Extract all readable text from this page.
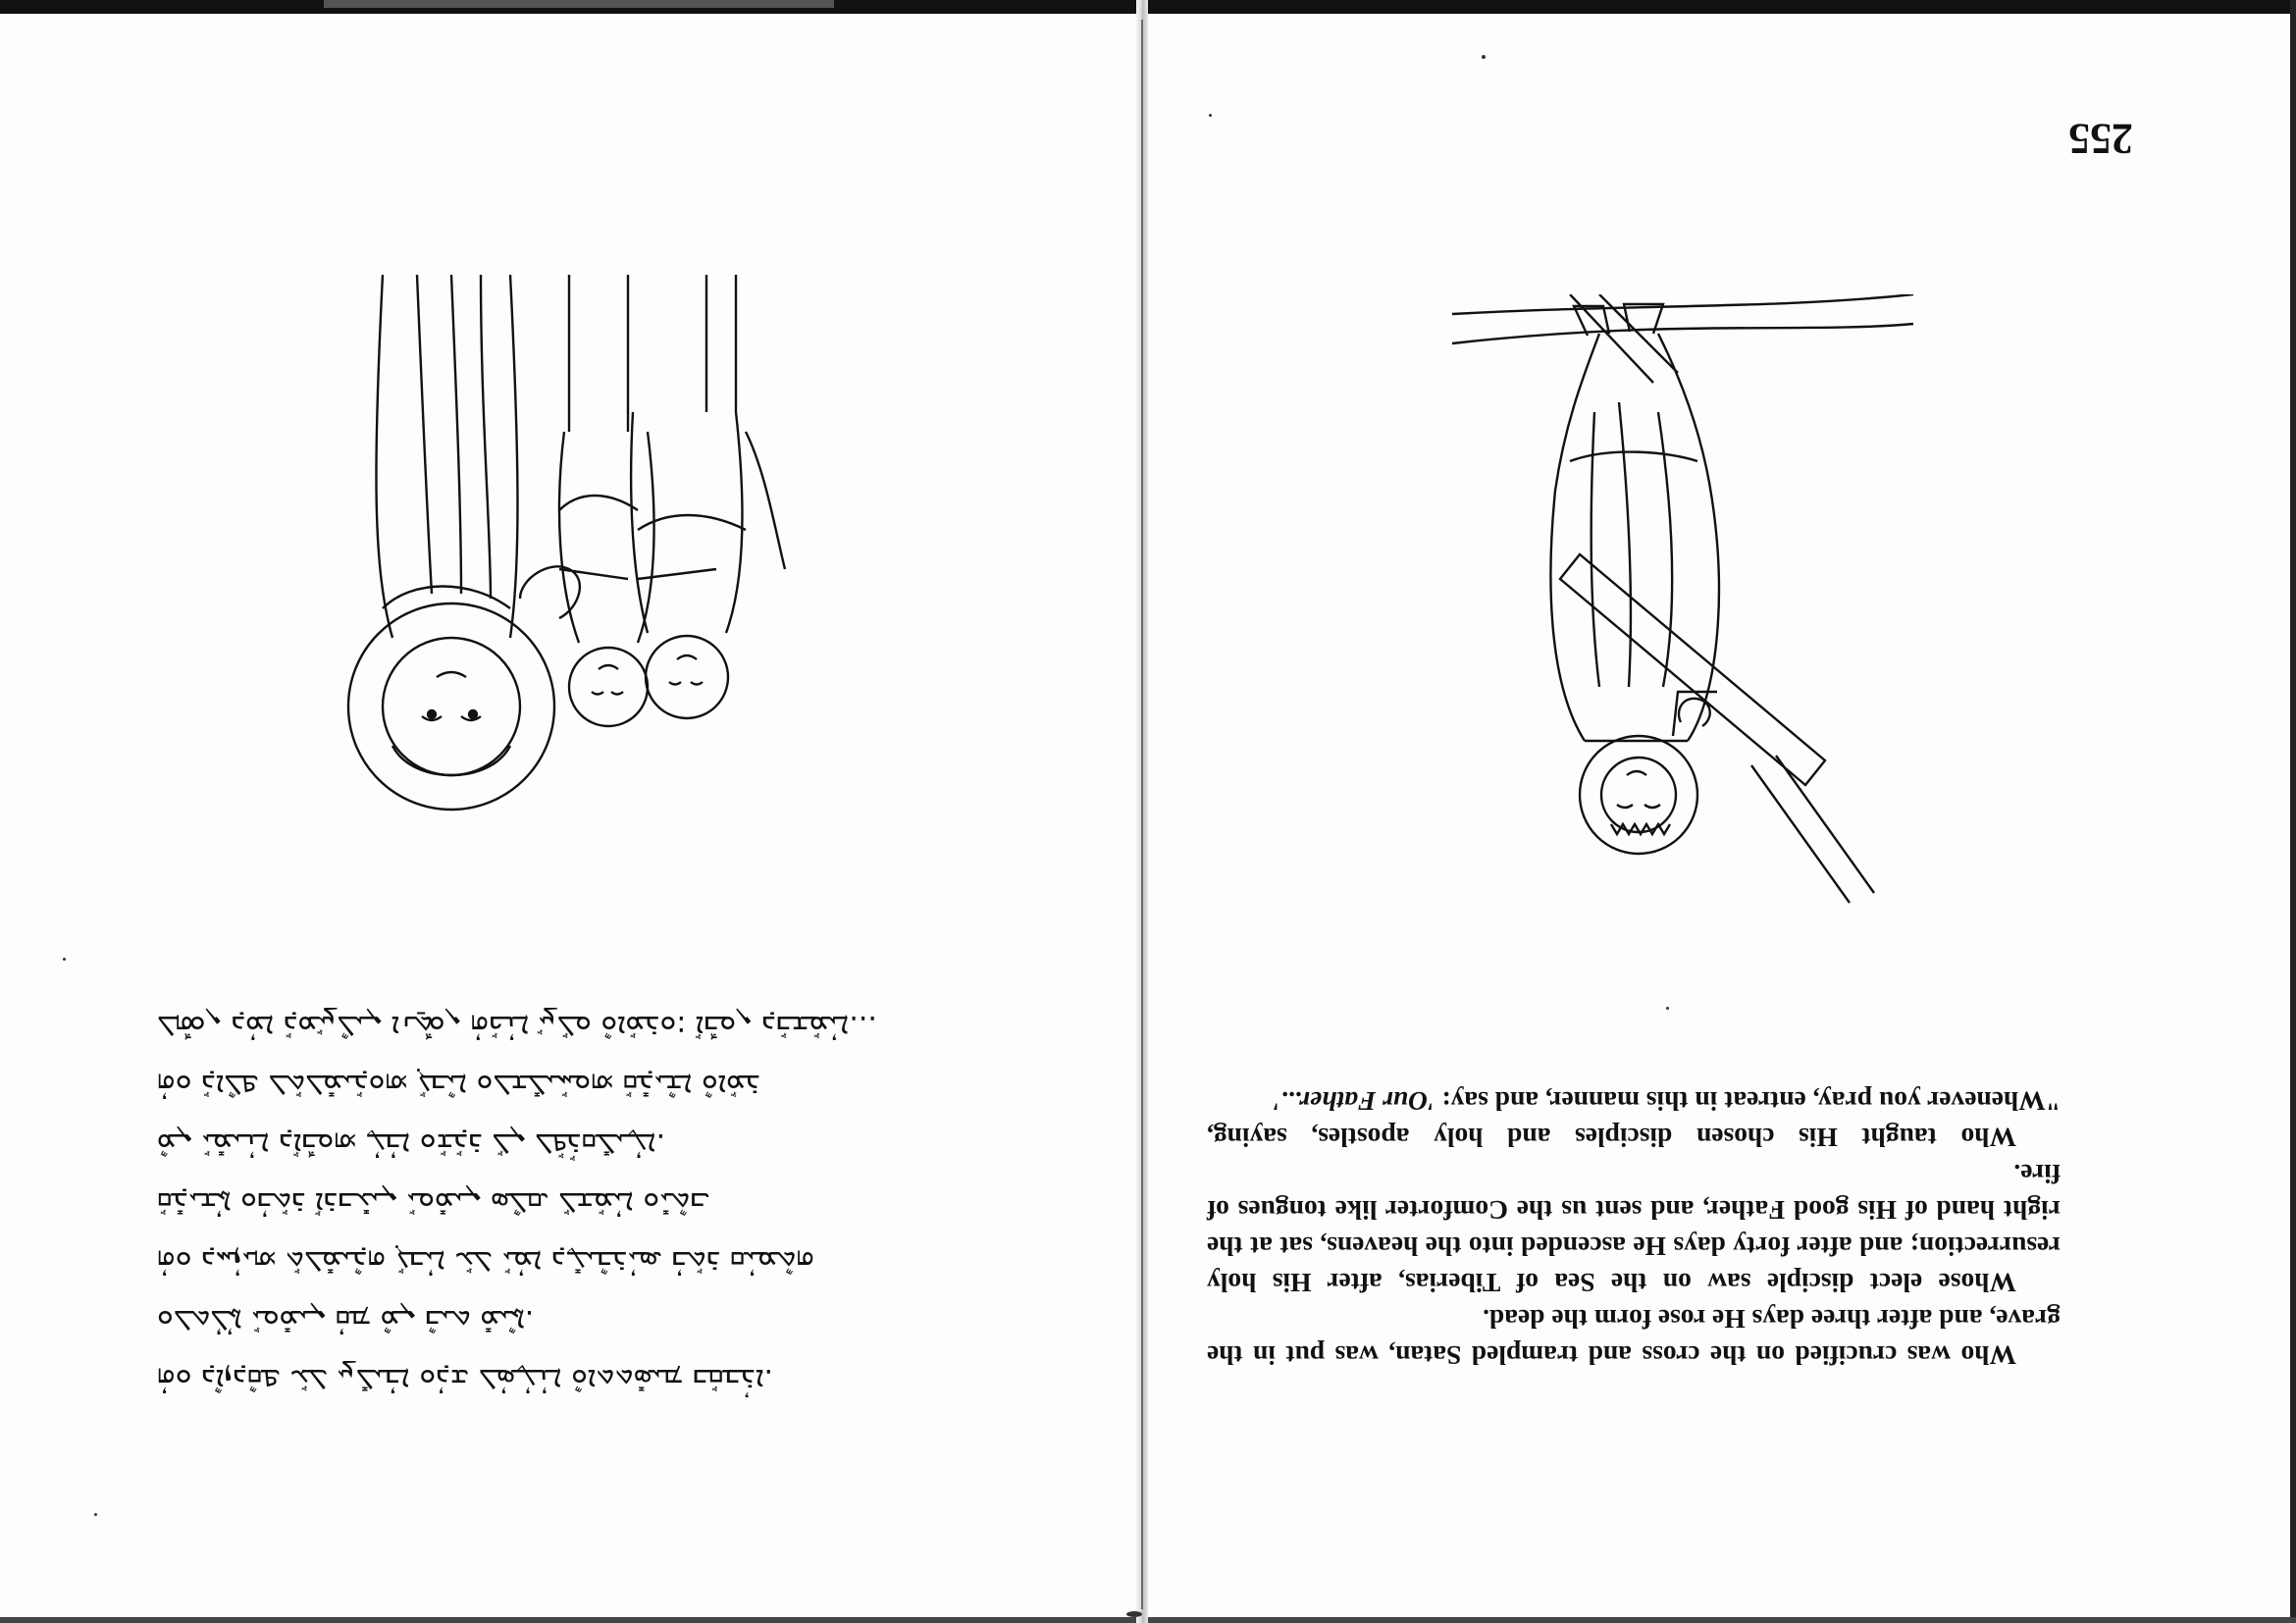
255

Who was crucified on the cross and trampled Satan, was put in the grave, and after three days He rose form the dead.

Whose elect disciple saw on the Sea of Tiberias, after His holy resurrection; and after forty days He ascended into the heavens, sat at the right hand of His good Father, and sent us the Comforter like tongues of fire.

Who taught His chosen disciples and holy apostles, saying, "Whenever you pray, entreat in this manner, and say: 'Our Father...'

ܗܳܘ ܕܐܶܙܕܩܶܦ ܥܰܠ ܨܠܺܝܒܳܐ ܘܕܳܫ ܠܣܳܛܳܢܳܐ ܘܶܐܬܬܣܺܝܡ ܒܩܰܒܪܳܐ.

ܘܠܬܠܳܬܳܐ ܝܰܘܡܺܝܢ ܩܳܡ ܡܶܢ ܒܶܝܬ ܡܺܝܬܶܐ.

ܗܳܘ ܕܚܙܳܝܗܝ ܬܰܠܡܺܝܕܶܗ ܓܰܒܝܳܐ ܥܰܠ ܝܰܡܳܐ ܕܛܺܝܒܶܪܝܳܣ ܒܳܬܰܪ ܩܝܳܡܬܶܗ

ܩܰܕܺܝܫܬܳܐ ܘܒܳܬܰܪ ܐܰܪܒܥܺܝܢ ܝܰܘܡܺܝܢ ܣܠܶܩ ܠܰܫܡܰܝܳܐ ܘܝܺܬܶܒ

ܡܶܢ ܝܰܡܺܝܢܳܐ ܕܐܰܒܽܘܗܝ ܛܳܒܳܐ ܘܫܰܕܰܪ ܠܰܢ ܠܦܰܪܰܩܠܺܝܛܳܐ.

ܗܳܘ ܕܰܐܠܶܦ ܠܬܰܠܡܺܝܕܰܘܗܝ ܓܰܒܝܶܐ ܘܠܫܠܺܝܚܰܘܗܝ ܩܰܕܺܝܫܶܐ ܘܶܐܡܰܪ

ܠܗܽܘܢ ܕܡܳܐ ܕܰܡܨܰܠܶܝܢ ܐܢ̱ܬܽܘܢ ܗܳܟܰܢܳܐ ܨܰܠܰܘ ܘܶܐܡܰܪܘ: ܐܰܒܽܘܢ ܕܒܰܫܡܰܝܳܐ...
